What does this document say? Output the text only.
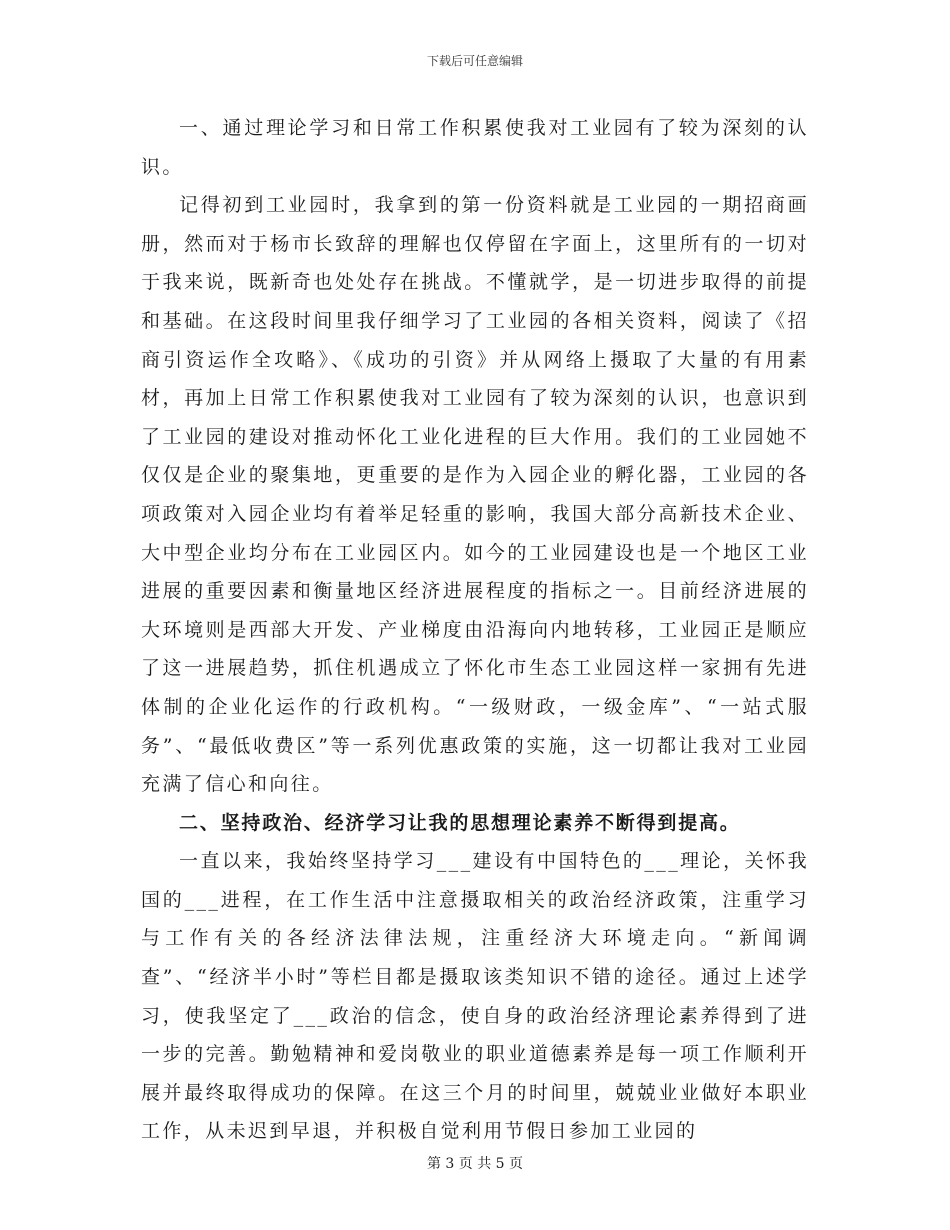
下载后可任意编辑

一、通过理论学习和日常工作积累使我对工业园有了较为深刻的认识。

记得初到工业园时，我拿到的第一份资料就是工业园的一期招商画册，然而对于杨市长致辞的理解也仅停留在字面上，这里所有的一切对于我来说，既新奇也处处存在挑战。不懂就学，是一切进步取得的前提和基础。在这段时间里我仔细学习了工业园的各相关资料，阅读了《招商引资运作全攻略》、《成功的引资》并从网络上摄取了大量的有用素材，再加上日常工作积累使我对工业园有了较为深刻的认识，也意识到了工业园的建设对推动怀化工业化进程的巨大作用。我们的工业园她不仅仅是企业的聚集地，更重要的是作为入园企业的孵化器，工业园的各项政策对入园企业均有着举足轻重的影响，我国大部分高新技术企业、大中型企业均分布在工业园区内。如今的工业园建设也是一个地区工业进展的重要因素和衡量地区经济进展程度的指标之一。目前经济进展的大环境则是西部大开发、产业梯度由沿海向内地转移，工业园正是顺应了这一进展趋势，抓住机遇成立了怀化市生态工业园这样一家拥有先进体制的企业化运作的行政机构。“一级财政，一级金库”、“一站式服务”、“最低收费区”等一系列优惠政策的实施，这一切都让我对工业园充满了信心和向往。

二、坚持政治、经济学习让我的思想理论素养不断得到提高。

一直以来，我始终坚持学习___建设有中国特色的___理论，关怀我国的___进程，在工作生活中注意摄取相关的政治经济政策，注重学习与工作有关的各经济法律法规，注重经济大环境走向。“新闻调查”、“经济半小时”等栏目都是摄取该类知识不错的途径。通过上述学习，使我坚定了___政治的信念，使自身的政治经济理论素养得到了进一步的完善。勤勉精神和爱岗敬业的职业道德素养是每一项工作顺利开展并最终取得成功的保障。在这三个月的时间里，兢兢业业做好本职业工作，从未迟到早退，并积极自觉利用节假日参加工业园的

第 3 页 共 5 页
